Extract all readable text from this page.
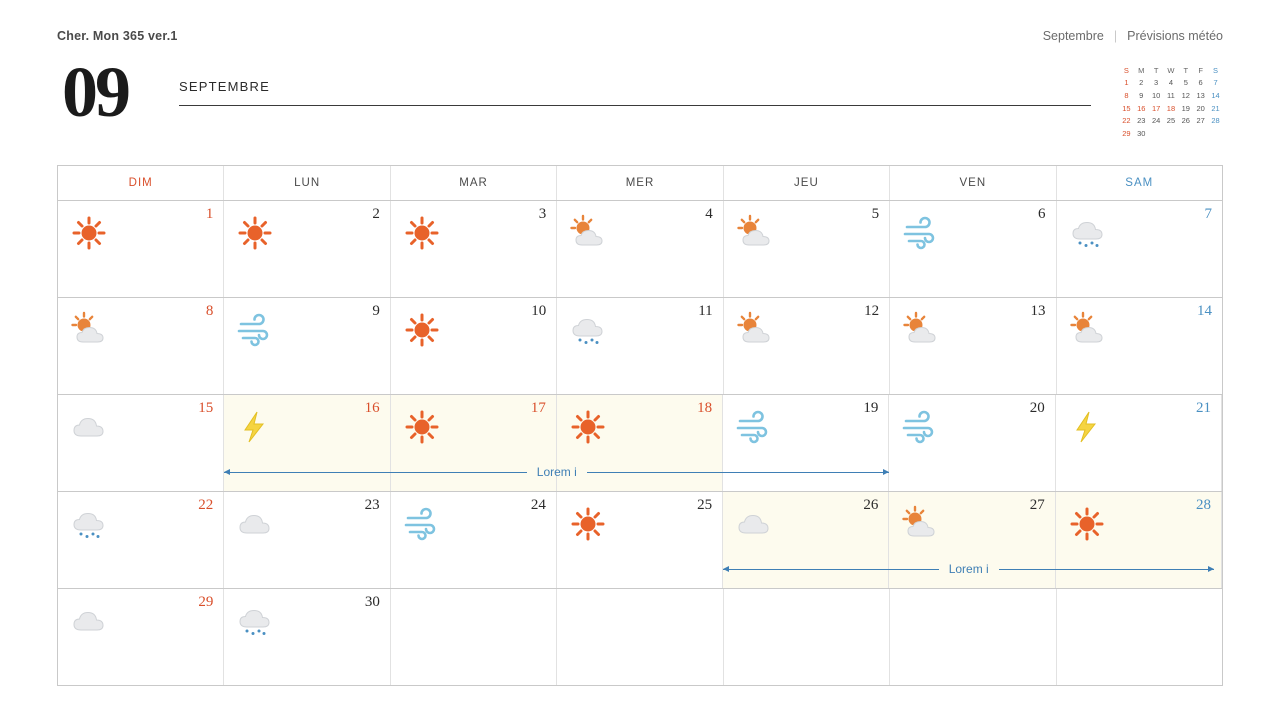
Cher. Mon 365 ver.1	Septembre | Prévisions météo
09	SEPTEMBRE
S	M	T	W	T	F	S
1	2	3	4	5	6	7
8	9	10	11	12	13	14
15	16	17	18	19	20	21
22	23	24	25	26	27	28
29	30					
DIM	LUN	MAR	MER	JEU	VEN	SAM
1	2	3	4	5	6	7
8	9	10	11	12	13	14
15	16	17	18	19	20	21
Lorem i
22	23	24	25	26	27	28
Lorem i
29	30
